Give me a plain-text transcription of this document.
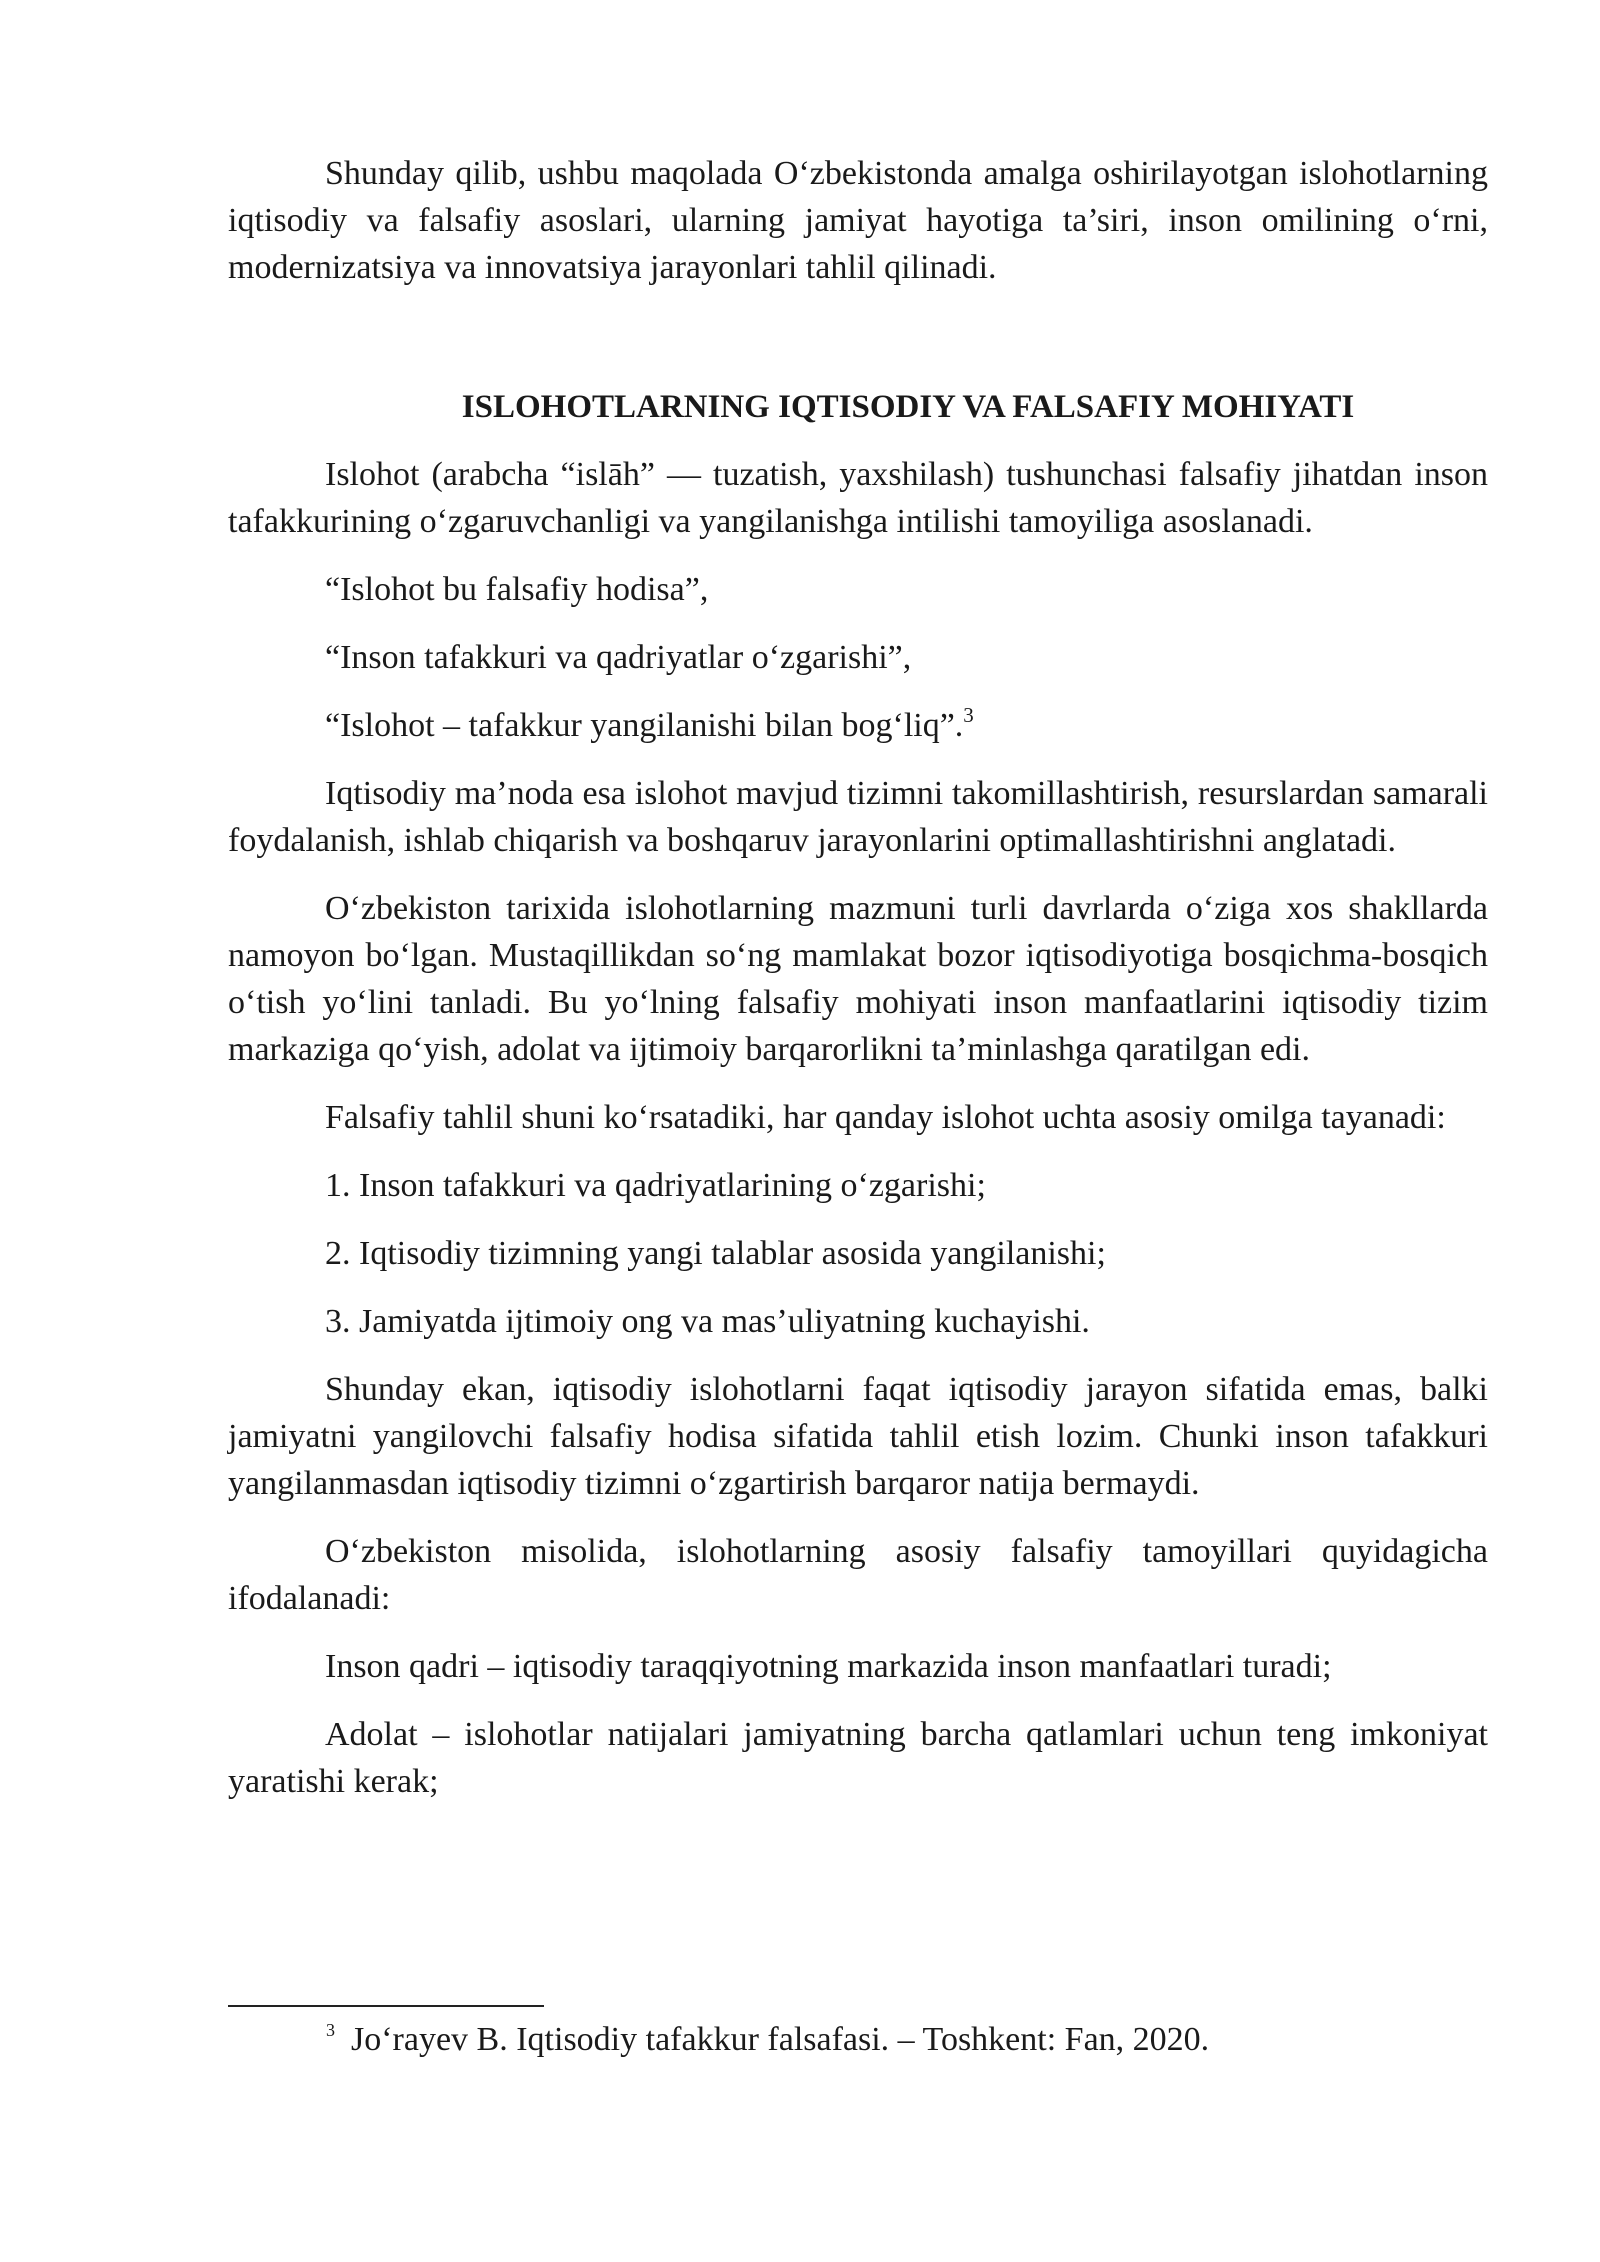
Shunday qilib, ushbu maqolada O‘zbekistonda amalga oshirilayotgan islohotlarning iqtisodiy va falsafiy asoslari, ularning jamiyat hayotiga ta’siri, inson omilining o‘rni, modernizatsiya va innovatsiya jarayonlari tahlil qilinadi.

ISLOHOTLARNING IQTISODIY VA FALSAFIY MOHIYATI

Islohot (arabcha “islāh” — tuzatish, yaxshilash) tushunchasi falsafiy jihatdan inson tafakkurining o‘zgaruvchanligi va yangilanishga intilishi tamoyiliga asoslanadi.

“Islohot bu falsafiy hodisa”,

“Inson tafakkuri va qadriyatlar o‘zgarishi”,

“Islohot – tafakkur yangilanishi bilan bog‘liq”.$^3$

Iqtisodiy ma’noda esa islohot mavjud tizimni takomillashtirish, resurslardan samarali foydalanish, ishlab chiqarish va boshqaruv jarayonlarini optimallashtirishni anglatadi.

O‘zbekiston tarixida islohotlarning mazmuni turli davrlarda o‘ziga xos shakllarda namoyon bo‘lgan. Mustaqillikdan so‘ng mamlakat bozor iqtisodiyotiga bosqichma-bosqich o‘tish yo‘lini tanladi. Bu yo‘lning falsafiy mohiyati inson manfaatlarini iqtisodiy tizim markaziga qo‘yish, adolat va ijtimoiy barqarorlikni ta’minlashga qaratilgan edi.

Falsafiy tahlil shuni ko‘rsatadiki, har qanday islohot uchta asosiy omilga tayanadi:

1. Inson tafakkuri va qadriyatlarining o‘zgarishi;

2. Iqtisodiy tizimning yangi talablar asosida yangilanishi;

3. Jamiyatda ijtimoiy ong va mas’uliyatning kuchayishi.

Shunday ekan, iqtisodiy islohotlarni faqat iqtisodiy jarayon sifatida emas, balki jamiyatni yangilovchi falsafiy hodisa sifatida tahlil etish lozim. Chunki inson tafakkuri yangilanmasdan iqtisodiy tizimni o‘zgartirish barqaror natija bermaydi.

O‘zbekiston misolida, islohotlarning asosiy falsafiy tamoyillari quyidagicha ifodalanadi:

Inson qadri – iqtisodiy taraqqiyotning markazida inson manfaatlari turadi;

Adolat – islohotlar natijalari jamiyatning barcha qatlamlari uchun teng imkoniyat yaratishi kerak;

$^3$ Jo‘rayev B. Iqtisodiy tafakkur falsafasi. – Toshkent: Fan, 2020.
